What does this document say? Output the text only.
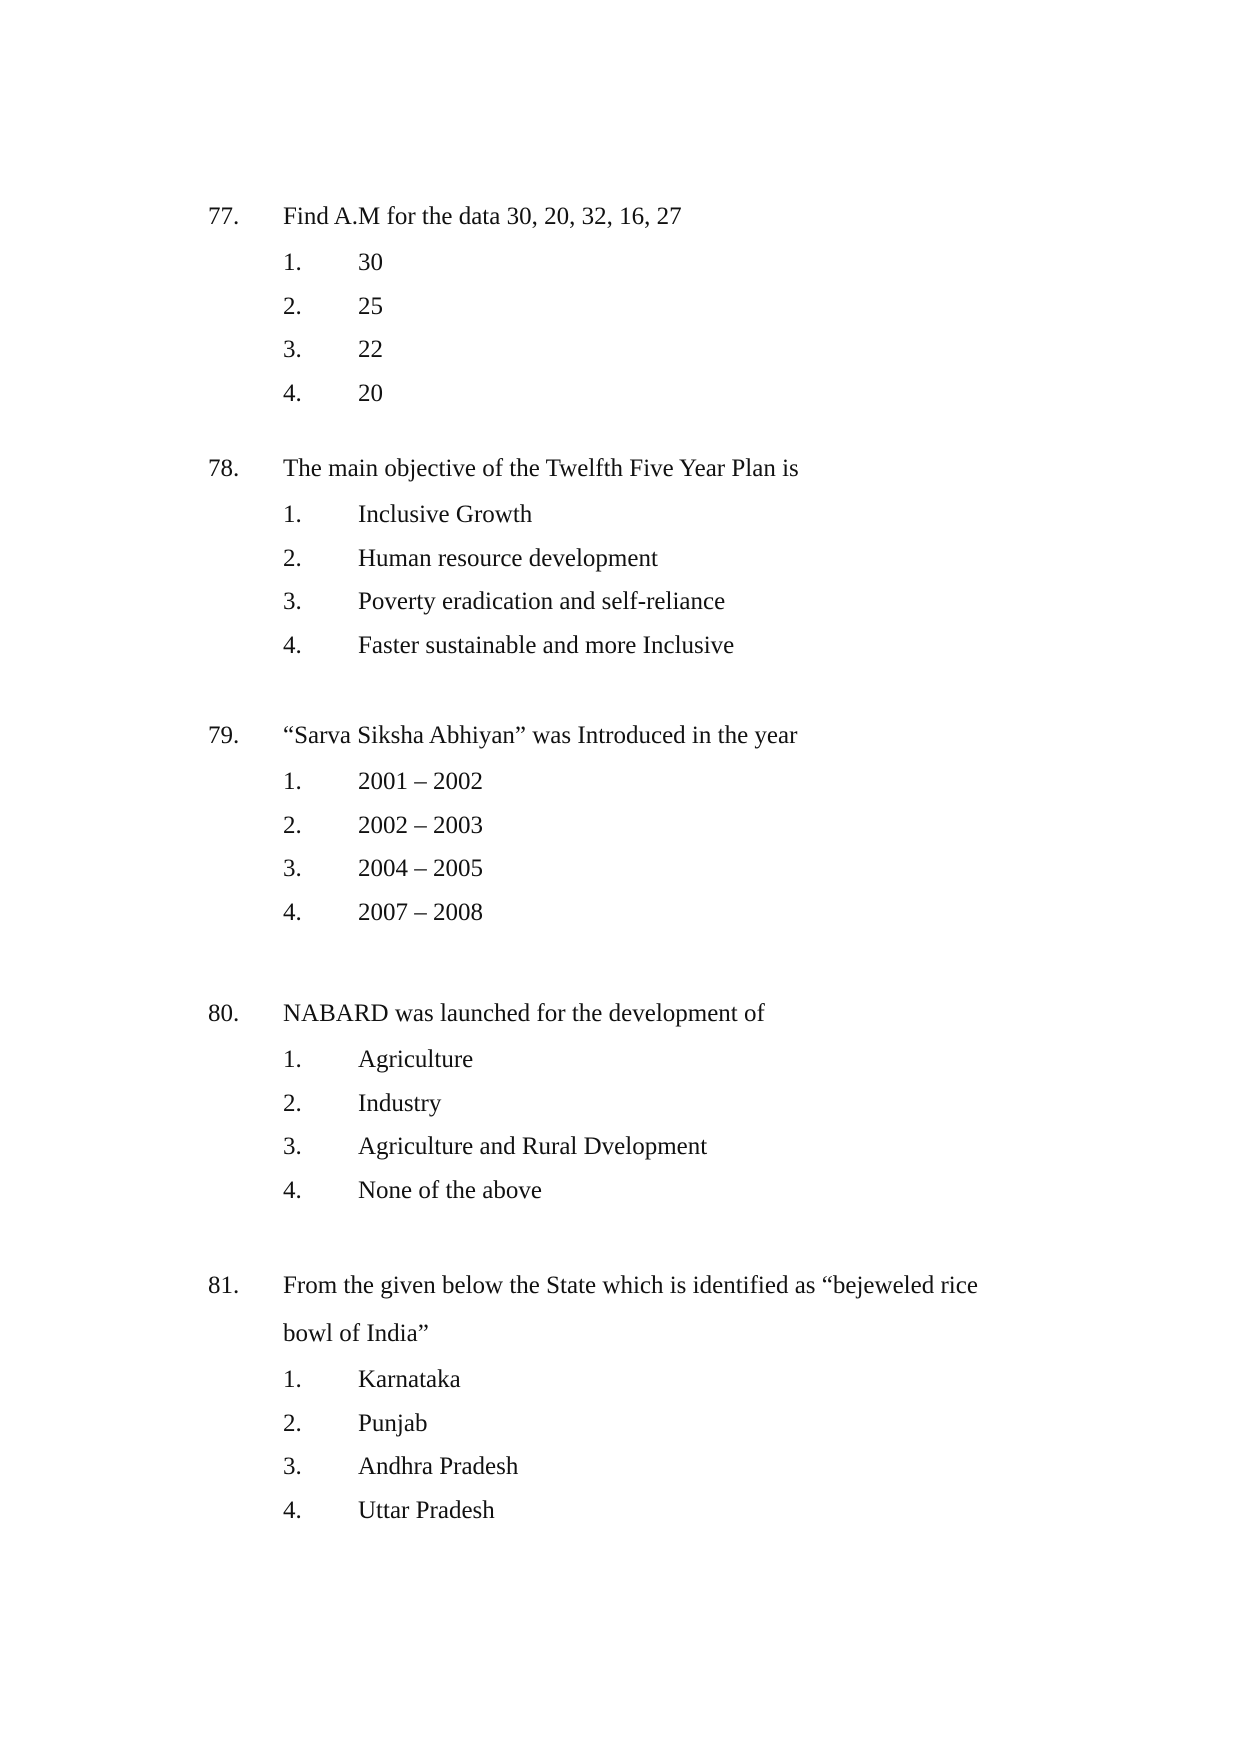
77.	Find A.M for the data 30, 20, 32, 16, 27
1. 30
2. 25
3. 22
4. 20
78.	The main objective of the Twelfth Five Year Plan is
1. Inclusive Growth
2. Human resource development
3. Poverty eradication and self-reliance
4. Faster sustainable and more Inclusive
79.	“Sarva Siksha Abhiyan” was Introduced in the year
1. 2001 – 2002
2. 2002 – 2003
3. 2004 – 2005
4. 2007 – 2008
80.	NABARD was launched for the development of
1. Agriculture
2. Industry
3. Agriculture and Rural Dvelopment
4. None of the above
81.	From the given below the State which is identified as “bejeweled rice bowl of India”
1. Karnataka
2. Punjab
3. Andhra Pradesh
4. Uttar Pradesh
